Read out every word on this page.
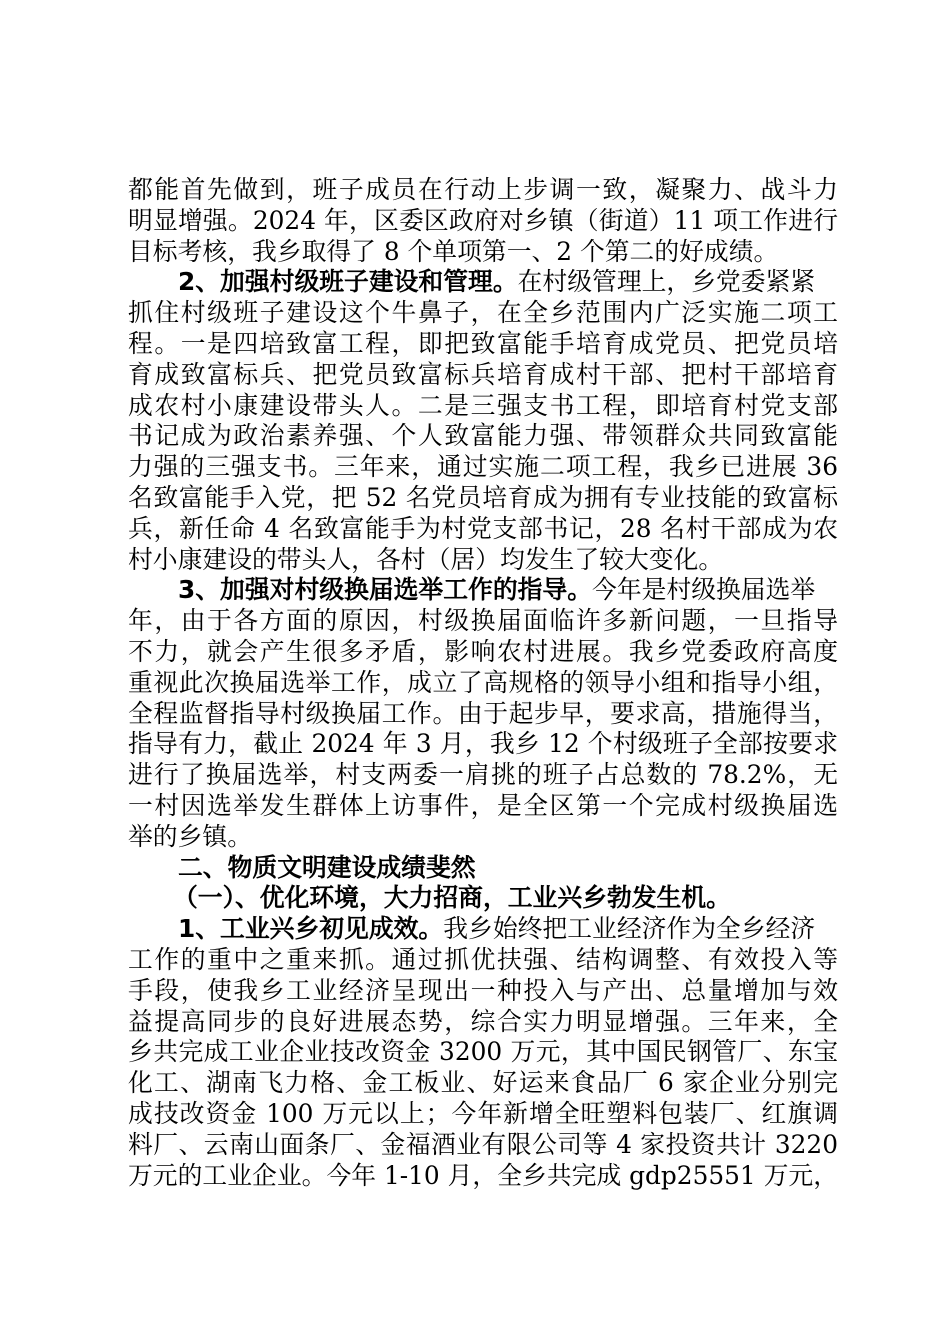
都能首先做到，班子成员在行动上步调一致，凝聚力、战斗力
明显增强。2024 年，区委区政府对乡镇（街道）11 项工作进行
目标考核，我乡取得了 8 个单项第一、2 个第二的好成绩。
2、加强村级班子建设和管理。在村级管理上，乡党委紧紧
抓住村级班子建设这个牛鼻子，在全乡范围内广泛实施二项工
程。一是四培致富工程，即把致富能手培育成党员、把党员培
育成致富标兵、把党员致富标兵培育成村干部、把村干部培育
成农村小康建设带头人。二是三强支书工程，即培育村党支部
书记成为政治素养强、个人致富能力强、带领群众共同致富能
力强的三强支书。三年来，通过实施二项工程，我乡已进展 36
名致富能手入党，把 52 名党员培育成为拥有专业技能的致富标
兵，新任命 4 名致富能手为村党支部书记，28 名村干部成为农
村小康建设的带头人，各村（居）均发生了较大变化。
3、加强对村级换届选举工作的指导。今年是村级换届选举
年，由于各方面的原因，村级换届面临许多新问题，一旦指导
不力，就会产生很多矛盾，影响农村进展。我乡党委政府高度
重视此次换届选举工作，成立了高规格的领导小组和指导小组，
全程监督指导村级换届工作。由于起步早，要求高，措施得当，
指导有力，截止 2024 年 3 月，我乡 12 个村级班子全部按要求
进行了换届选举，村支两委一肩挑的班子占总数的 78.2%，无
一村因选举发生群体上访事件，是全区第一个完成村级换届选
举的乡镇。
二、物质文明建设成绩斐然
（一）、优化环境，大力招商，工业兴乡勃发生机。
1、工业兴乡初见成效。我乡始终把工业经济作为全乡经济
工作的重中之重来抓。通过抓优扶强、结构调整、有效投入等
手段，使我乡工业经济呈现出一种投入与产出、总量增加与效
益提高同步的良好进展态势，综合实力明显增强。三年来，全
乡共完成工业企业技改资金 3200 万元，其中国民钢管厂、东宝
化工、湖南飞力格、金工板业、好运来食品厂 6 家企业分别完
成技改资金 100 万元以上；今年新增全旺塑料包装厂、红旗调
料厂、云南山面条厂、金福酒业有限公司等 4 家投资共计 3220
万元的工业企业。今年 1-10 月，全乡共完成 gdp25551 万元，
